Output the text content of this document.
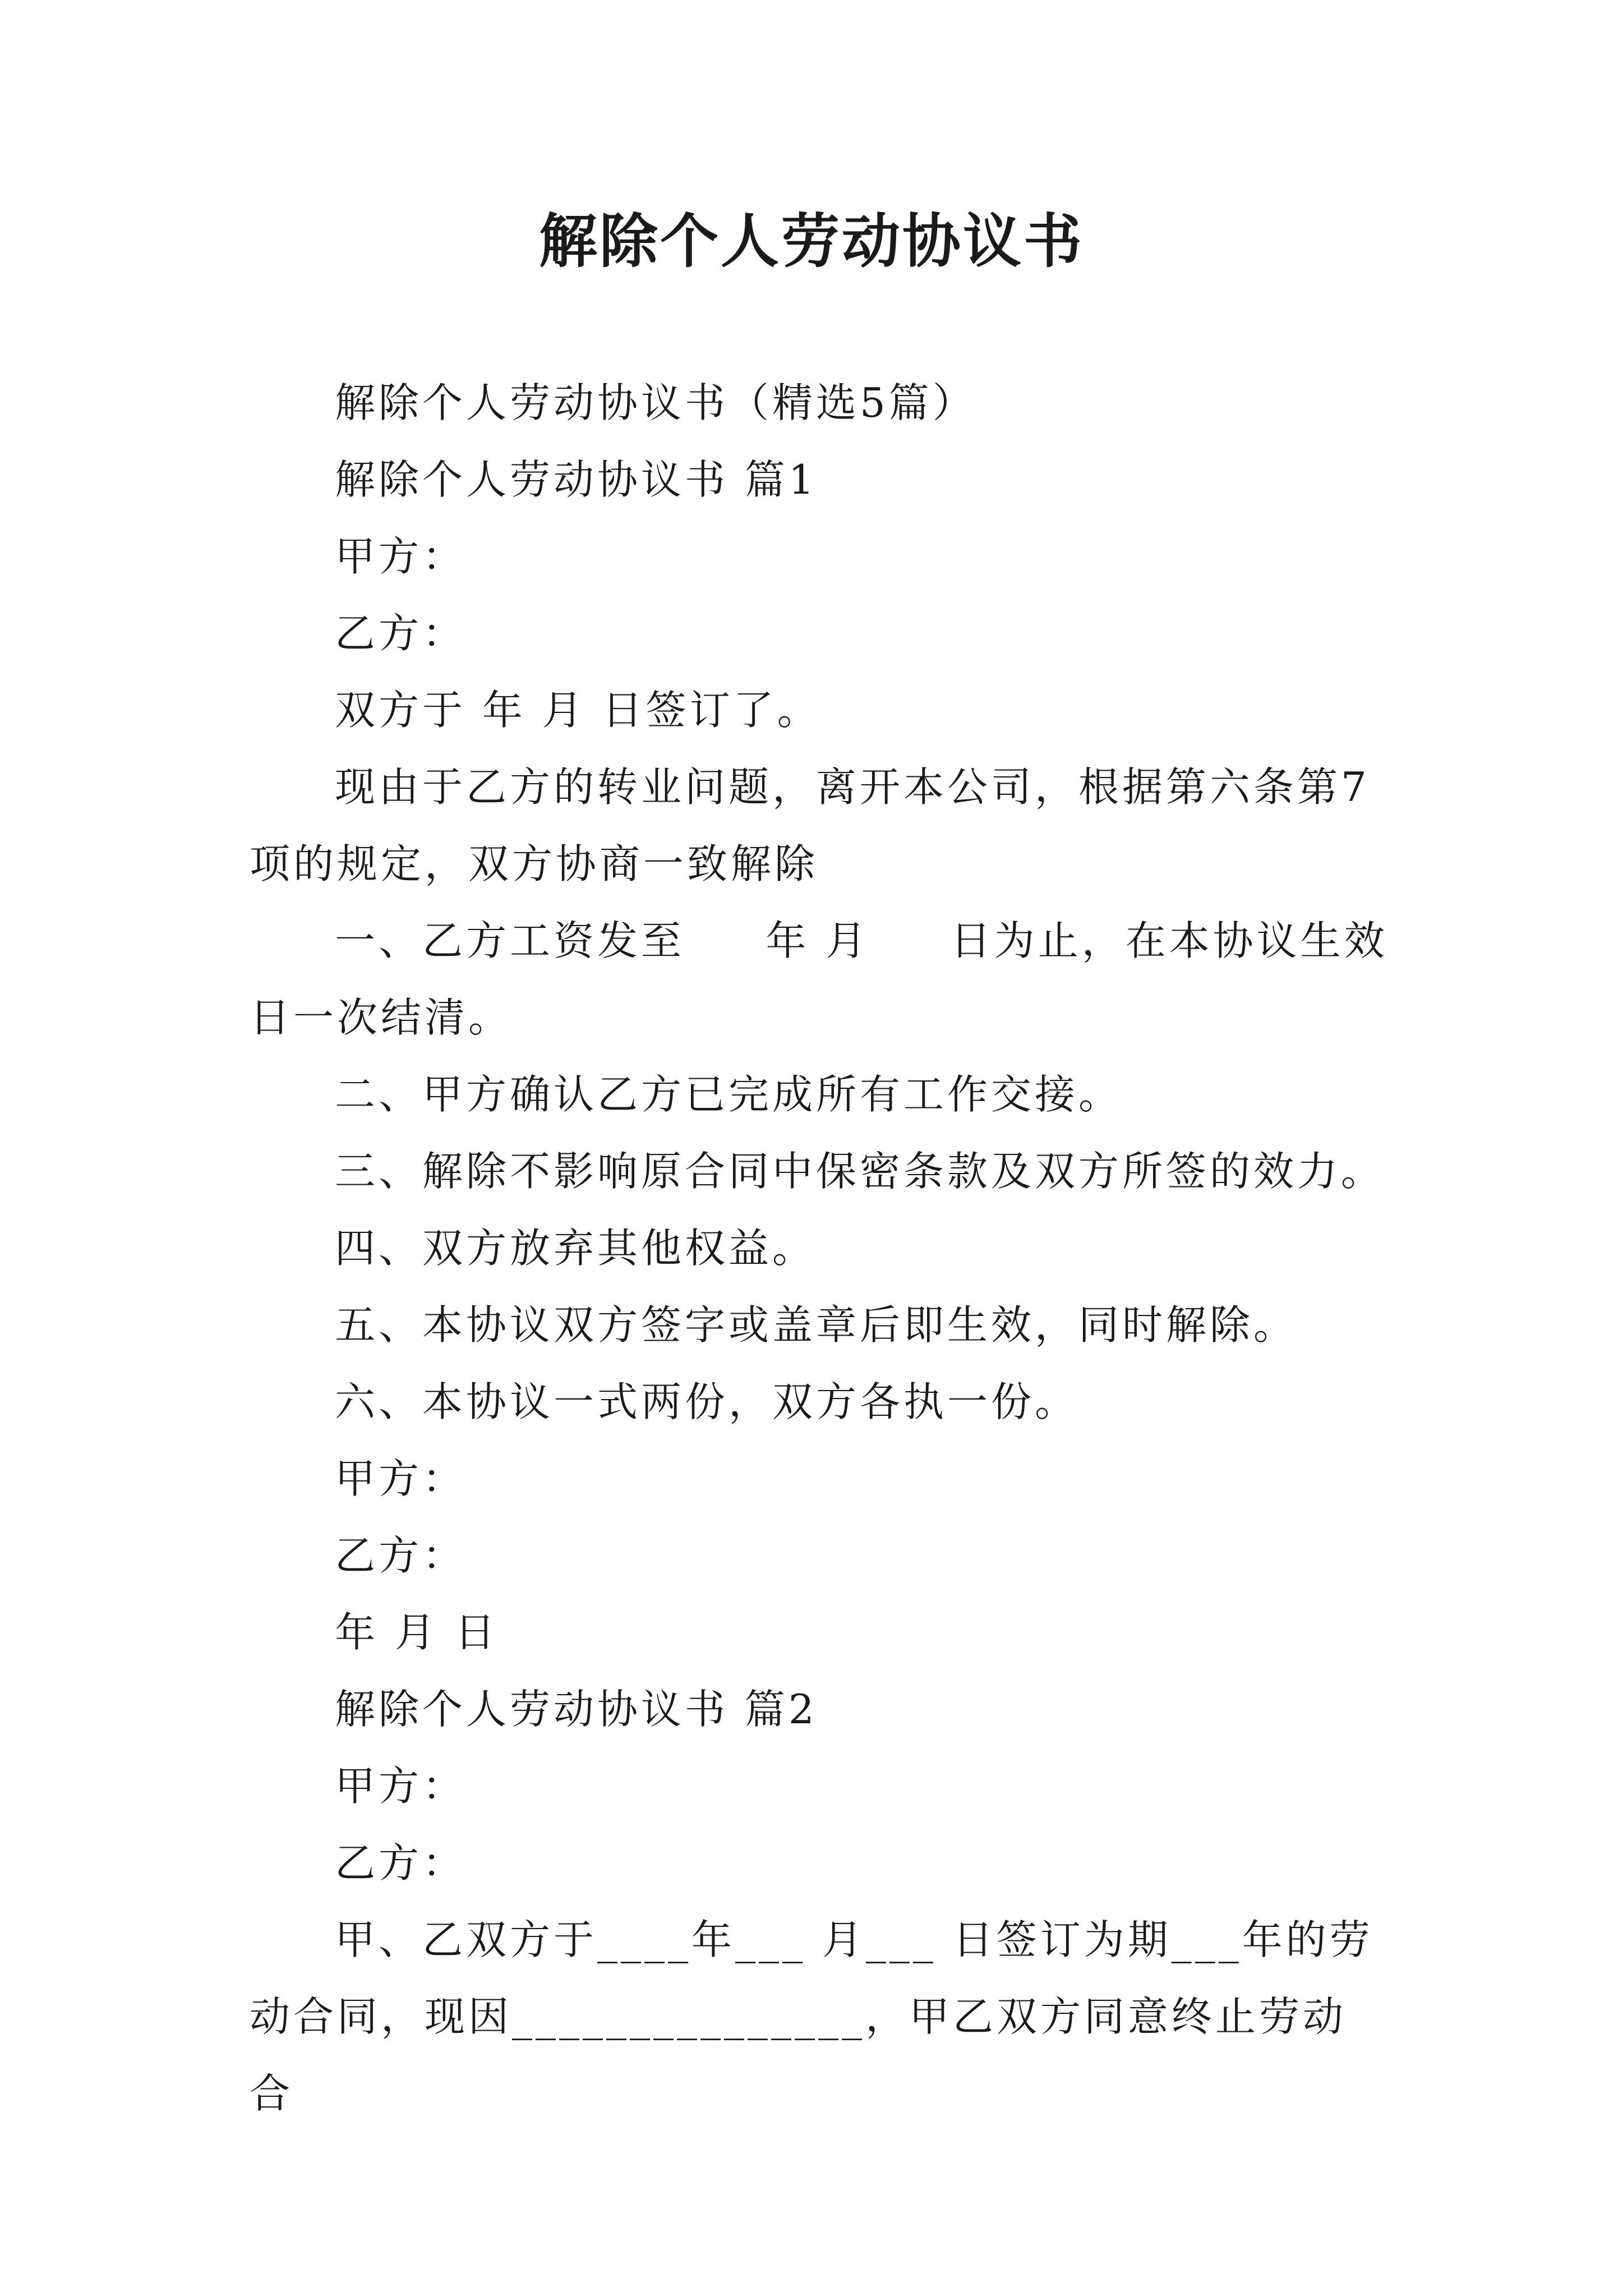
解除个人劳动协议书

解除个人劳动协议书（精选5篇）

解除个人劳动协议书 篇1

甲方：

乙方：

双方于 年 月 日签订了。

现由于乙方的转业问题，离开本公司，根据第六条第7项的规定，双方协商一致解除

一、乙方工资发至     年 月     日为止，在本协议生效日一次结清。

二、甲方确认乙方已完成所有工作交接。

三、解除不影响原合同中保密条款及双方所签的效力。

四、双方放弃其他权益。

五、本协议双方签字或盖章后即生效，同时解除。

六、本协议一式两份，双方各执一份。

甲方：

乙方：

年 月 日

解除个人劳动协议书 篇2

甲方：

乙方：

甲、乙双方于____年___ 月___ 日签订为期___年的劳动合同，现因_______________，甲乙双方同意终止劳动合
